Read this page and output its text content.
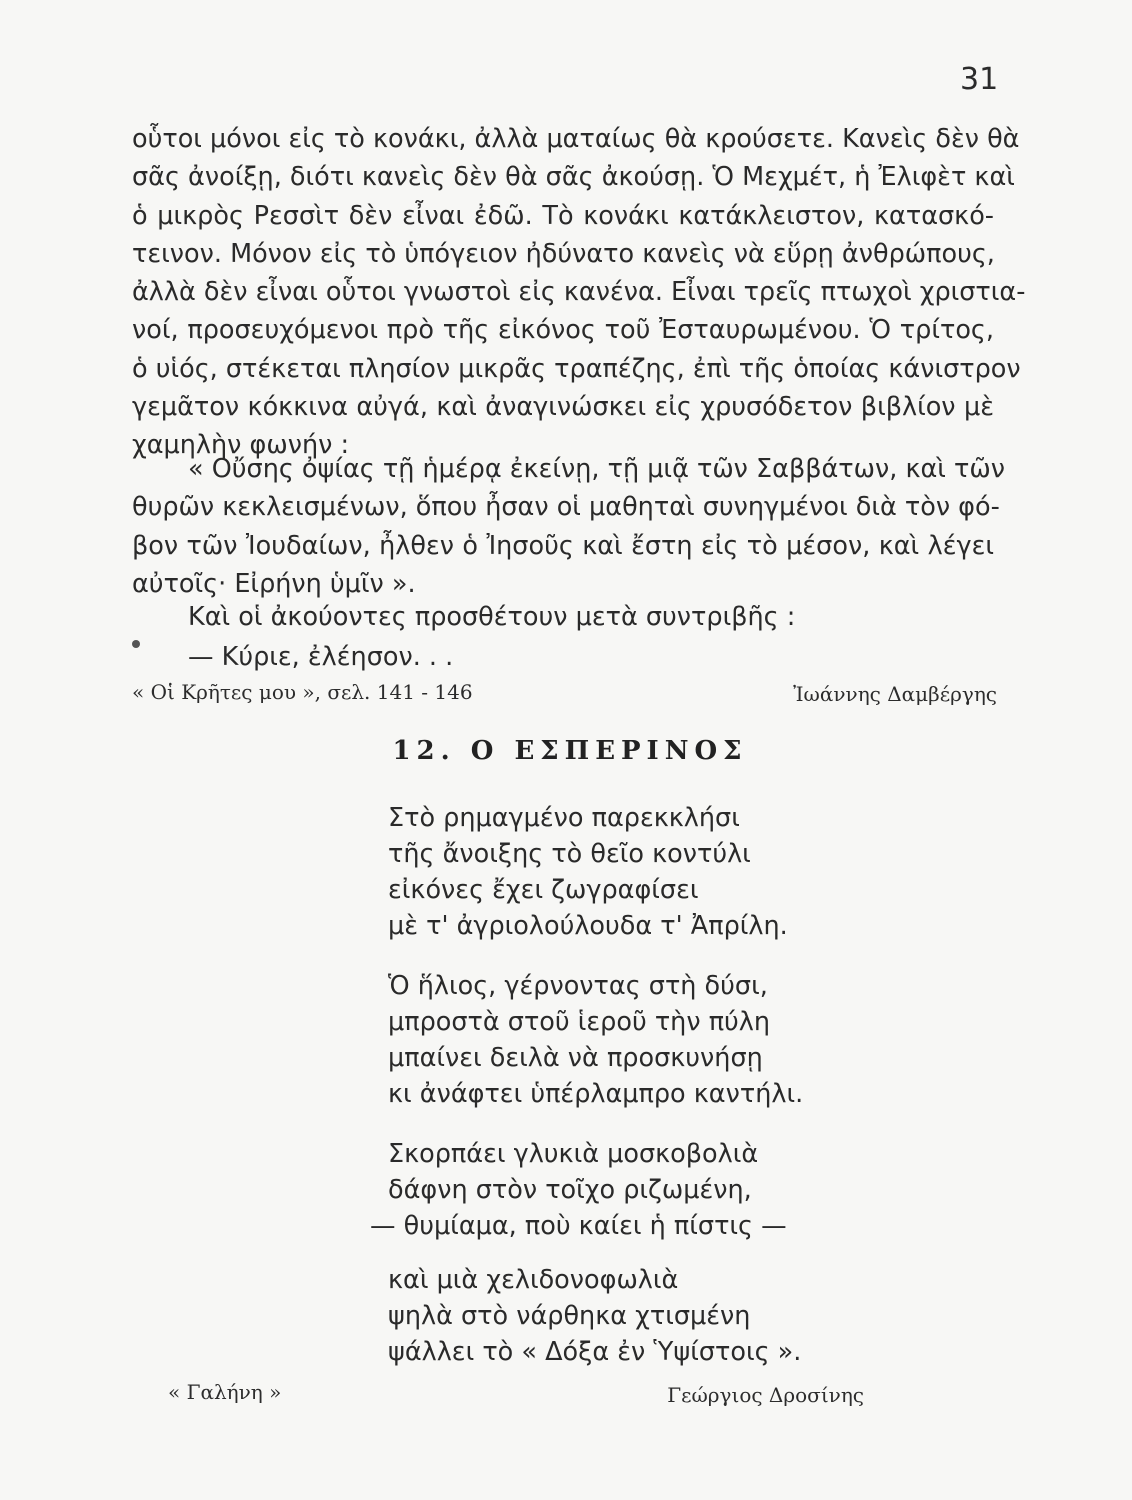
31
οὗτοι μόνοι εἰς τὸ κονάκι, ἀλλὰ ματαίως θὰ κρούσετε. Κανεὶς δὲν θὰ
σᾶς ἀνοίξῃ, διότι κανεὶς δὲν θὰ σᾶς ἀκούσῃ. Ὁ Μεχμέτ, ἡ Ἐλιφὲτ καὶ
ὁ μικρὸς Ρεσσὶτ δὲν εἶναι ἐδῶ. Τὸ κονάκι κατάκλειστον, κατασκό-
τεινον. Μόνον εἰς τὸ ὑπόγειον ἠδύνατο κανεὶς νὰ εὕρῃ ἀνθρώπους,
ἀλλὰ δὲν εἶναι οὗτοι γνωστοὶ εἰς κανένα. Εἶναι τρεῖς πτωχοὶ χριστια-
νοί, προσευχόμενοι πρὸ τῆς εἰκόνος τοῦ Ἐσταυρωμένου. Ὁ τρίτος,
ὁ υἱός, στέκεται πλησίον μικρᾶς τραπέζης, ἐπὶ τῆς ὁποίας κάνιστρον
γεμᾶτον κόκκινα αὐγά, καὶ ἀναγινώσκει εἰς χρυσόδετον βιβλίον μὲ
χαμηλὴν φωνήν :
« Οὔσης ὀψίας τῇ ἡμέρᾳ ἐκείνῃ, τῇ μιᾷ τῶν Σαββάτων, καὶ τῶν
θυρῶν κεκλεισμένων, ὅπου ἦσαν οἱ μαθηταὶ συνηγμένοι διὰ τὸν φό-
βον τῶν Ἰουδαίων, ἦλθεν ὁ Ἰησοῦς καὶ ἔστη εἰς τὸ μέσον, καὶ λέγει
αὐτοῖς· Εἰρήνη ὑμῖν ».
Καὶ οἱ ἀκούοντες προσθέτουν μετὰ συντριβῆς :
— Κύριε, ἐλέησον. . .
« Οἱ Κρῆτες μου », σελ. 141 - 146	Ἰωάννης Δαμβέργης
12. Ο ΕΣΠΕΡΙΝΟΣ
Στὸ ρημαγμένο παρεκκλήσι
τῆς ἄνοιξης τὸ θεῖο κοντύλι
εἰκόνες ἔχει ζωγραφίσει
μὲ τ' ἀγριολούλουδα τ' Ἀπρίλη.
Ὁ ἥλιος, γέρνοντας στὴ δύσι,
μπροστὰ στοῦ ἱεροῦ τὴν πύλη
μπαίνει δειλὰ νὰ προσκυνήσῃ
κι ἀνάφτει ὑπέρλαμπρο καντήλι.
Σκορπάει γλυκιὰ μοσκοβολιὰ
δάφνη στὸν τοῖχο ριζωμένη,
— θυμίαμα, ποὺ καίει ἡ πίστις —
καὶ μιὰ χελιδονοφωλιὰ
ψηλὰ στὸ νάρθηκα χτισμένη
ψάλλει τὸ « Δόξα ἐν Ὑψίστοις ».
« Γαλήνη »	Γεώργιος Δροσίνης
